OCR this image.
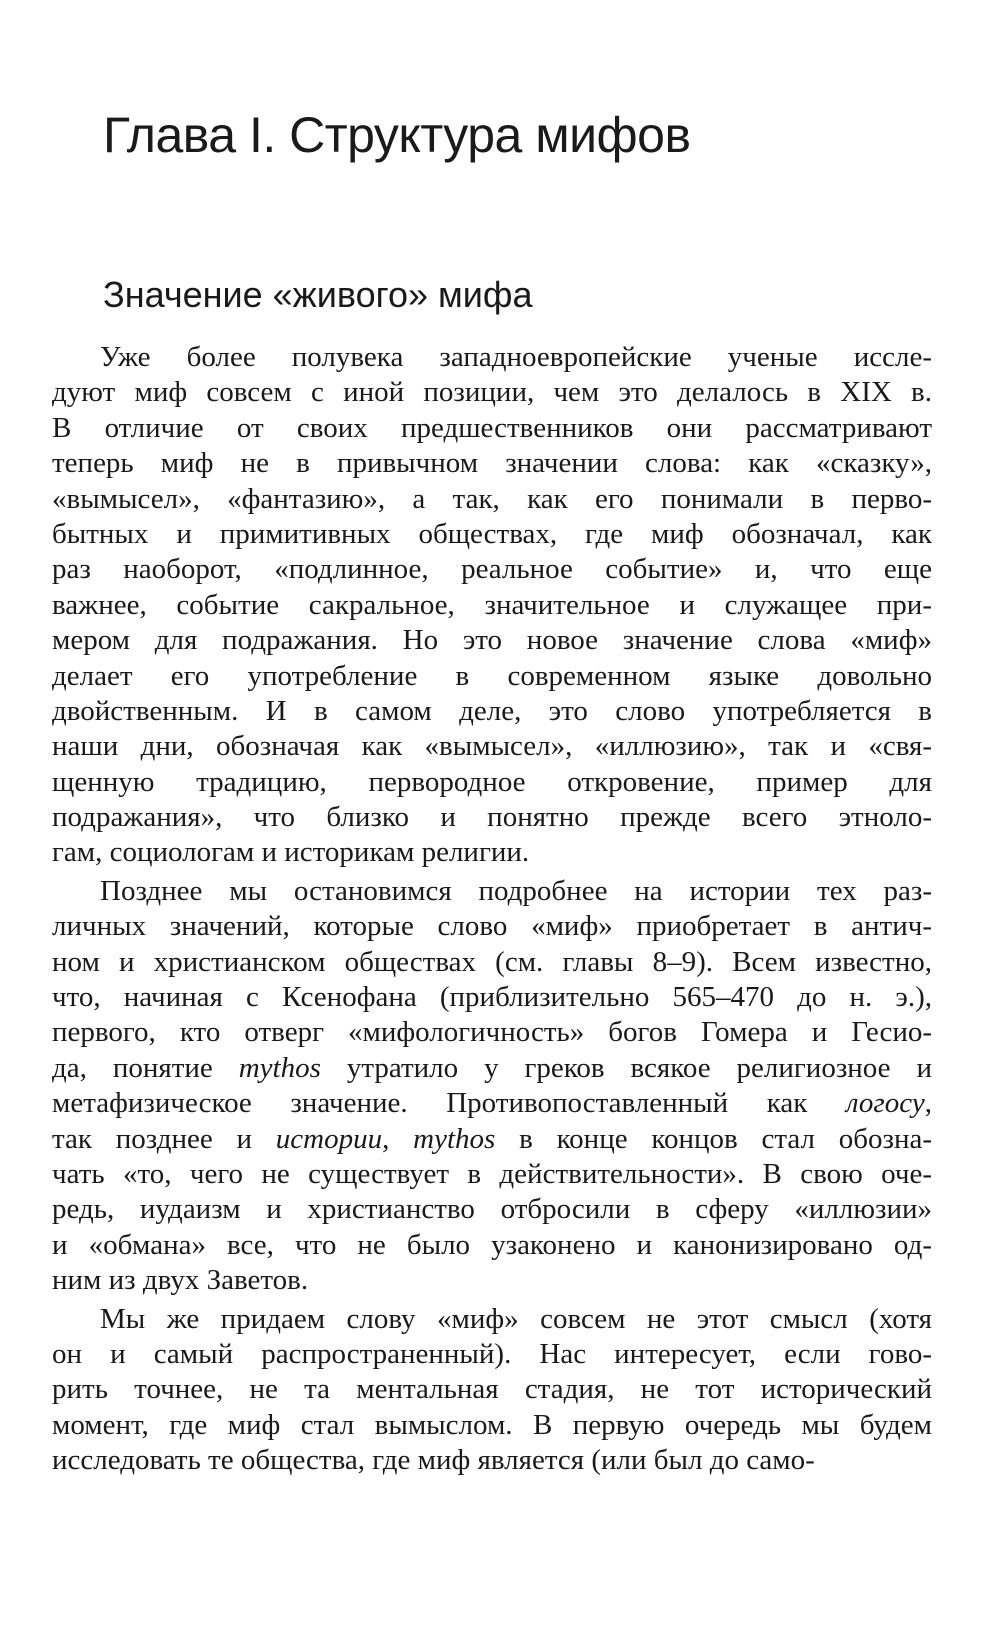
Глава I. Структура мифов
Значение «живого» мифа
Уже более полувека западноевропейские ученые иссле-
дуют миф совсем с иной позиции, чем это делалось в XIX в.
В отличие от своих предшественников они рассматривают
теперь миф не в привычном значении слова: как «сказку»,
«вымысел», «фантазию», а так, как его понимали в перво-
бытных и примитивных обществах, где миф обозначал, как
раз наоборот, «подлинное, реальное событие» и, что еще
важнее, событие сакральное, значительное и служащее при-
мером для подражания. Но это новое значение слова «миф»
делает его употребление в современном языке довольно
двойственным. И в самом деле, это слово употребляется в
наши дни, обозначая как «вымысел», «иллюзию», так и «свя-
щенную традицию, первородное откровение, пример для
подражания», что близко и понятно прежде всего этноло-
гам, социологам и историкам религии.
Позднее мы остановимся подробнее на истории тех раз-
личных значений, которые слово «миф» приобретает в антич-
ном и христианском обществах (см. главы 8–9). Всем известно,
что, начиная с Ксенофана (приблизительно 565–470 до н. э.),
первого, кто отверг «мифологичность» богов Гомера и Гесио-
да, понятие mythos утратило у греков всякое религиозное и
метафизическое значение. Противопоставленный как логосу,
так позднее и истории, mythos в конце концов стал обозна-
чать «то, чего не существует в действительности». В свою оче-
редь, иудаизм и христианство отбросили в сферу «иллюзии»
и «обмана» все, что не было узаконено и канонизировано од-
ним из двух Заветов.
Мы же придаем слову «миф» совсем не этот смысл (хотя
он и самый распространенный). Нас интересует, если гово-
рить точнее, не та ментальная стадия, не тот исторический
момент, где миф стал вымыслом. В первую очередь мы будем
исследовать те общества, где миф является (или был до само-
